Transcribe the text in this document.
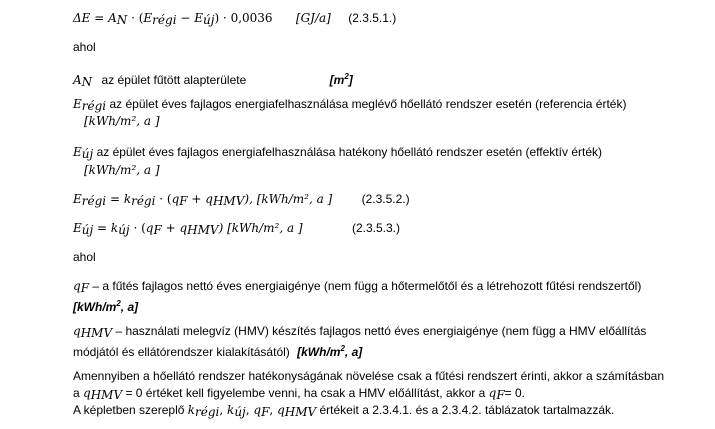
$\Delta E = A_N \cdot (E_{régi} - E_{új}) \cdot 0,0036$ [GJ/a] (2.3.5.1.)
ahol
$A_N$ az épület fűtött alapterülete	$[m^2]$
$E_{régi}$ az épület éves fajlagos energiafelhasználása meglévő hőellátó rendszer esetén (referencia érték)
[kWh/m², a ]
$E_{új}$ az épület éves fajlagos energiafelhasználása hatékony hőellátó rendszer esetén (effektív érték)
[kWh/m², a ]
$E_{régi} = k_{régi} \cdot (q_F + q_{HMV})$, [kWh/m², a ] (2.3.5.2.)
$E_{új} = k_{új} \cdot (q_F + q_{HMV})$ [kWh/m², a ]	(2.3.5.3.)
ahol
$q_F$ – a fűtés fajlagos nettó éves energiaigénye (nem függ a hőtermelőtől és a létrehozott fűtési rendszertől)
[$kWh/m^2$, a]
$q_{HMV}$ – használati melegvíz (HMV) készítés fajlagos nettó éves energiaigénye (nem függ a HMV előállítás
módjától és ellátórendszer kialakításától) [$kWh/m^2$, a]
Amennyiben a hőellátó rendszer hatékonyságának növelése csak a fűtési rendszert érinti, akkor a számításban
a $q_{HMV} = 0$ értéket kell figyelembe venni, ha csak a HMV előállítást, akkor a $q_F= 0$.
A képletben szereplő $k_{régi}$, $k_{új}$, $q_F$, $q_{HMV}$ értékeit a 2.3.4.1. és a 2.3.4.2. táblázatok tartalmazzák.
